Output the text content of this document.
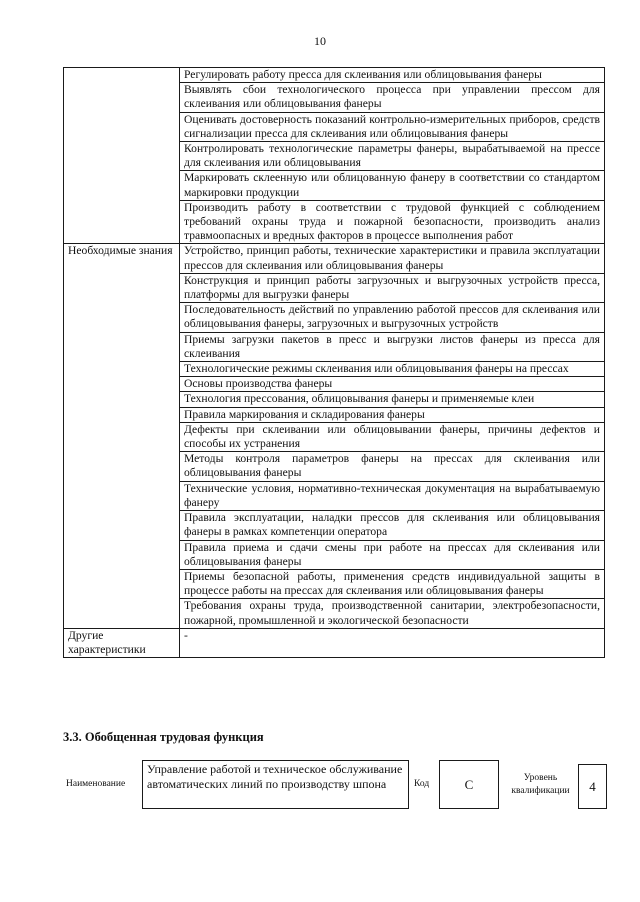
10
	Регулировать работу пресса для склеивания или облицовывания фанеры
	Выявлять сбои технологического процесса при управлении прессом для склеивания или облицовывания фанеры
	Оценивать достоверность показаний контрольно-измерительных приборов, средств сигнализации пресса для склеивания или облицовывания фанеры
	Контролировать технологические параметры фанеры, вырабатываемой на прессе для склеивания или облицовывания
	Маркировать склеенную или облицованную фанеру в соответствии со стандартом маркировки продукции
	Производить работу в соответствии с трудовой функцией с соблюдением требований охраны труда и пожарной безопасности, производить анализ травмоопасных и вредных факторов в процессе выполнения работ
Необходимые знания	Устройство, принцип работы, технические характеристики и правила эксплуатации прессов для склеивания или облицовывания фанеры
	Конструкция и принцип работы загрузочных и выгрузочных устройств пресса, платформы для выгрузки фанеры
	Последовательность действий по управлению работой прессов для склеивания или облицовывания фанеры, загрузочных и выгрузочных устройств
	Приемы загрузки пакетов в пресс и выгрузки листов фанеры из пресса для склеивания
	Технологические режимы склеивания или облицовывания фанеры на прессах
	Основы производства фанеры
	Технология прессования, облицовывания фанеры и применяемые клеи
	Правила маркирования и складирования фанеры
	Дефекты при склеивании или облицовывании фанеры, причины дефектов и способы их устранения
	Методы контроля параметров фанеры на прессах для склеивания или облицовывания фанеры
	Технические условия, нормативно-техническая документация на вырабатываемую фанеру
	Правила эксплуатации, наладки прессов для склеивания или облицовывания фанеры в рамках компетенции оператора
	Правила приема и сдачи смены при работе на прессах для склеивания или облицовывания фанеры
	Приемы безопасной работы, применения средств индивидуальной защиты в процессе работы на прессах для склеивания или облицовывания фанеры
	Требования охраны труда, производственной санитарии, электробезопасности, пожарной, промышленной и экологической безопасности
Другие характеристики	-
3.3. Обобщенная трудовая функция
Наименование
Управление работой и техническое обслуживание автоматических линий по производству шпона	Код	C	Уровень квалификации	4
